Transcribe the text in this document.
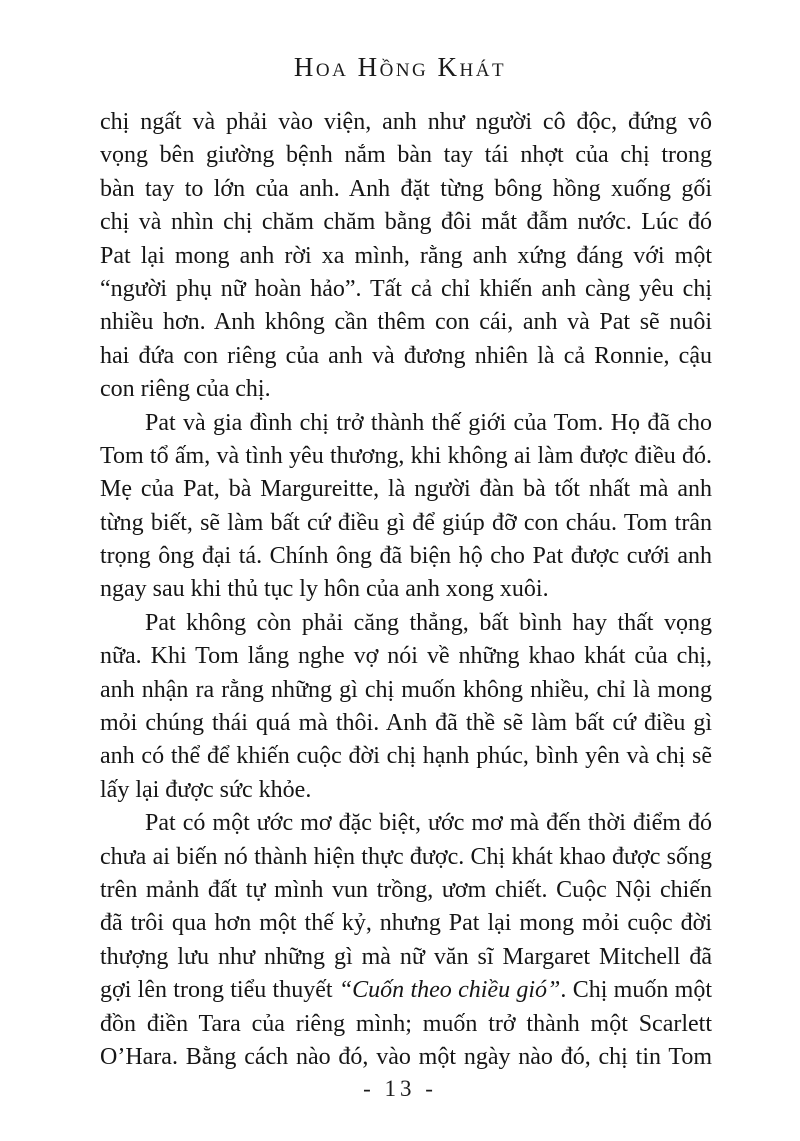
Hoa Hồng Khát
chị ngất và phải vào viện, anh như người cô độc, đứng vô
vọng bên giường bệnh nắm bàn tay tái nhợt của chị trong
bàn tay to lớn của anh. Anh đặt từng bông hồng xuống gối
chị và nhìn chị chăm chăm bằng đôi mắt đẫm nước. Lúc đó
Pat lại mong anh rời xa mình, rằng anh xứng đáng với một
“người phụ nữ hoàn hảo”. Tất cả chỉ khiến anh càng yêu chị
nhiều hơn. Anh không cần thêm con cái, anh và Pat sẽ nuôi
hai đứa con riêng của anh và đương nhiên là cả Ronnie, cậu
con riêng của chị.
Pat và gia đình chị trở thành thế giới của Tom. Họ đã cho
Tom tổ ấm, và tình yêu thương, khi không ai làm được điều đó.
Mẹ của Pat, bà Margureitte, là người đàn bà tốt nhất mà anh
từng biết, sẽ làm bất cứ điều gì để giúp đỡ con cháu. Tom trân
trọng ông đại tá. Chính ông đã biện hộ cho Pat được cưới anh
ngay sau khi thủ tục ly hôn của anh xong xuôi.
Pat không còn phải căng thẳng, bất bình hay thất vọng
nữa. Khi Tom lắng nghe vợ nói về những khao khát của chị,
anh nhận ra rằng những gì chị muốn không nhiều, chỉ là mong
mỏi chúng thái quá mà thôi. Anh đã thề sẽ làm bất cứ điều gì
anh có thể để khiến cuộc đời chị hạnh phúc, bình yên và chị sẽ
lấy lại được sức khỏe.
Pat có một ước mơ đặc biệt, ước mơ mà đến thời điểm đó
chưa ai biến nó thành hiện thực được. Chị khát khao được sống
trên mảnh đất tự mình vun trồng, ươm chiết. Cuộc Nội chiến
đã trôi qua hơn một thế kỷ, nhưng Pat lại mong mỏi cuộc đời
thượng lưu như những gì mà nữ văn sĩ Margaret Mitchell đã
gợi lên trong tiểu thuyết “Cuốn theo chiều gió”. Chị muốn một
đồn điền Tara của riêng mình; muốn trở thành một Scarlett
O’Hara. Bằng cách nào đó, vào một ngày nào đó, chị tin Tom
- 13 -
